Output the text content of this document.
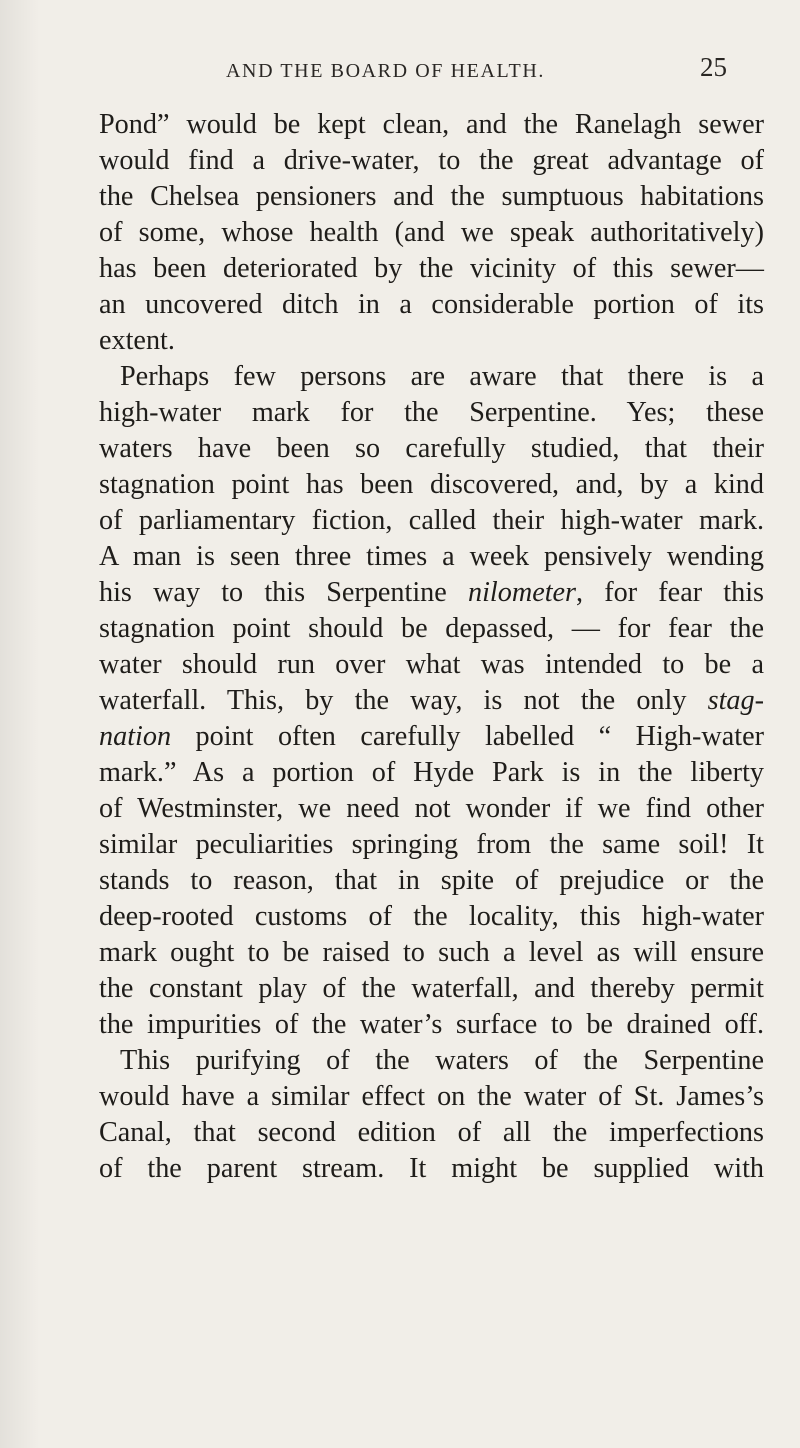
AND THE BOARD OF HEALTH.	25
Pond” would be kept clean, and the Ranelagh sewer
would find a drive-water, to the great advantage of
the Chelsea pensioners and the sumptuous habitations
of some, whose health (and we speak authoritatively)
has been deteriorated by the vicinity of this sewer—
an uncovered ditch in a considerable portion of its
extent.
Perhaps few persons are aware that there is a
high-water mark for the Serpentine. Yes; these
waters have been so carefully studied, that their
stagnation point has been discovered, and, by a kind
of parliamentary fiction, called their high-water mark.
A man is seen three times a week pensively wending
his way to this Serpentine nilometer, for fear this
stagnation point should be depassed, — for fear the
water should run over what was intended to be a
waterfall. This, by the way, is not the only stag-
nation point often carefully labelled “ High-water
mark.” As a portion of Hyde Park is in the liberty
of Westminster, we need not wonder if we find other
similar peculiarities springing from the same soil! It
stands to reason, that in spite of prejudice or the
deep-rooted customs of the locality, this high-water
mark ought to be raised to such a level as will ensure
the constant play of the waterfall, and thereby permit
the impurities of the water’s surface to be drained off.
This purifying of the waters of the Serpentine
would have a similar effect on the water of St. James’s
Canal, that second edition of all the imperfections
of the parent stream. It might be supplied with
